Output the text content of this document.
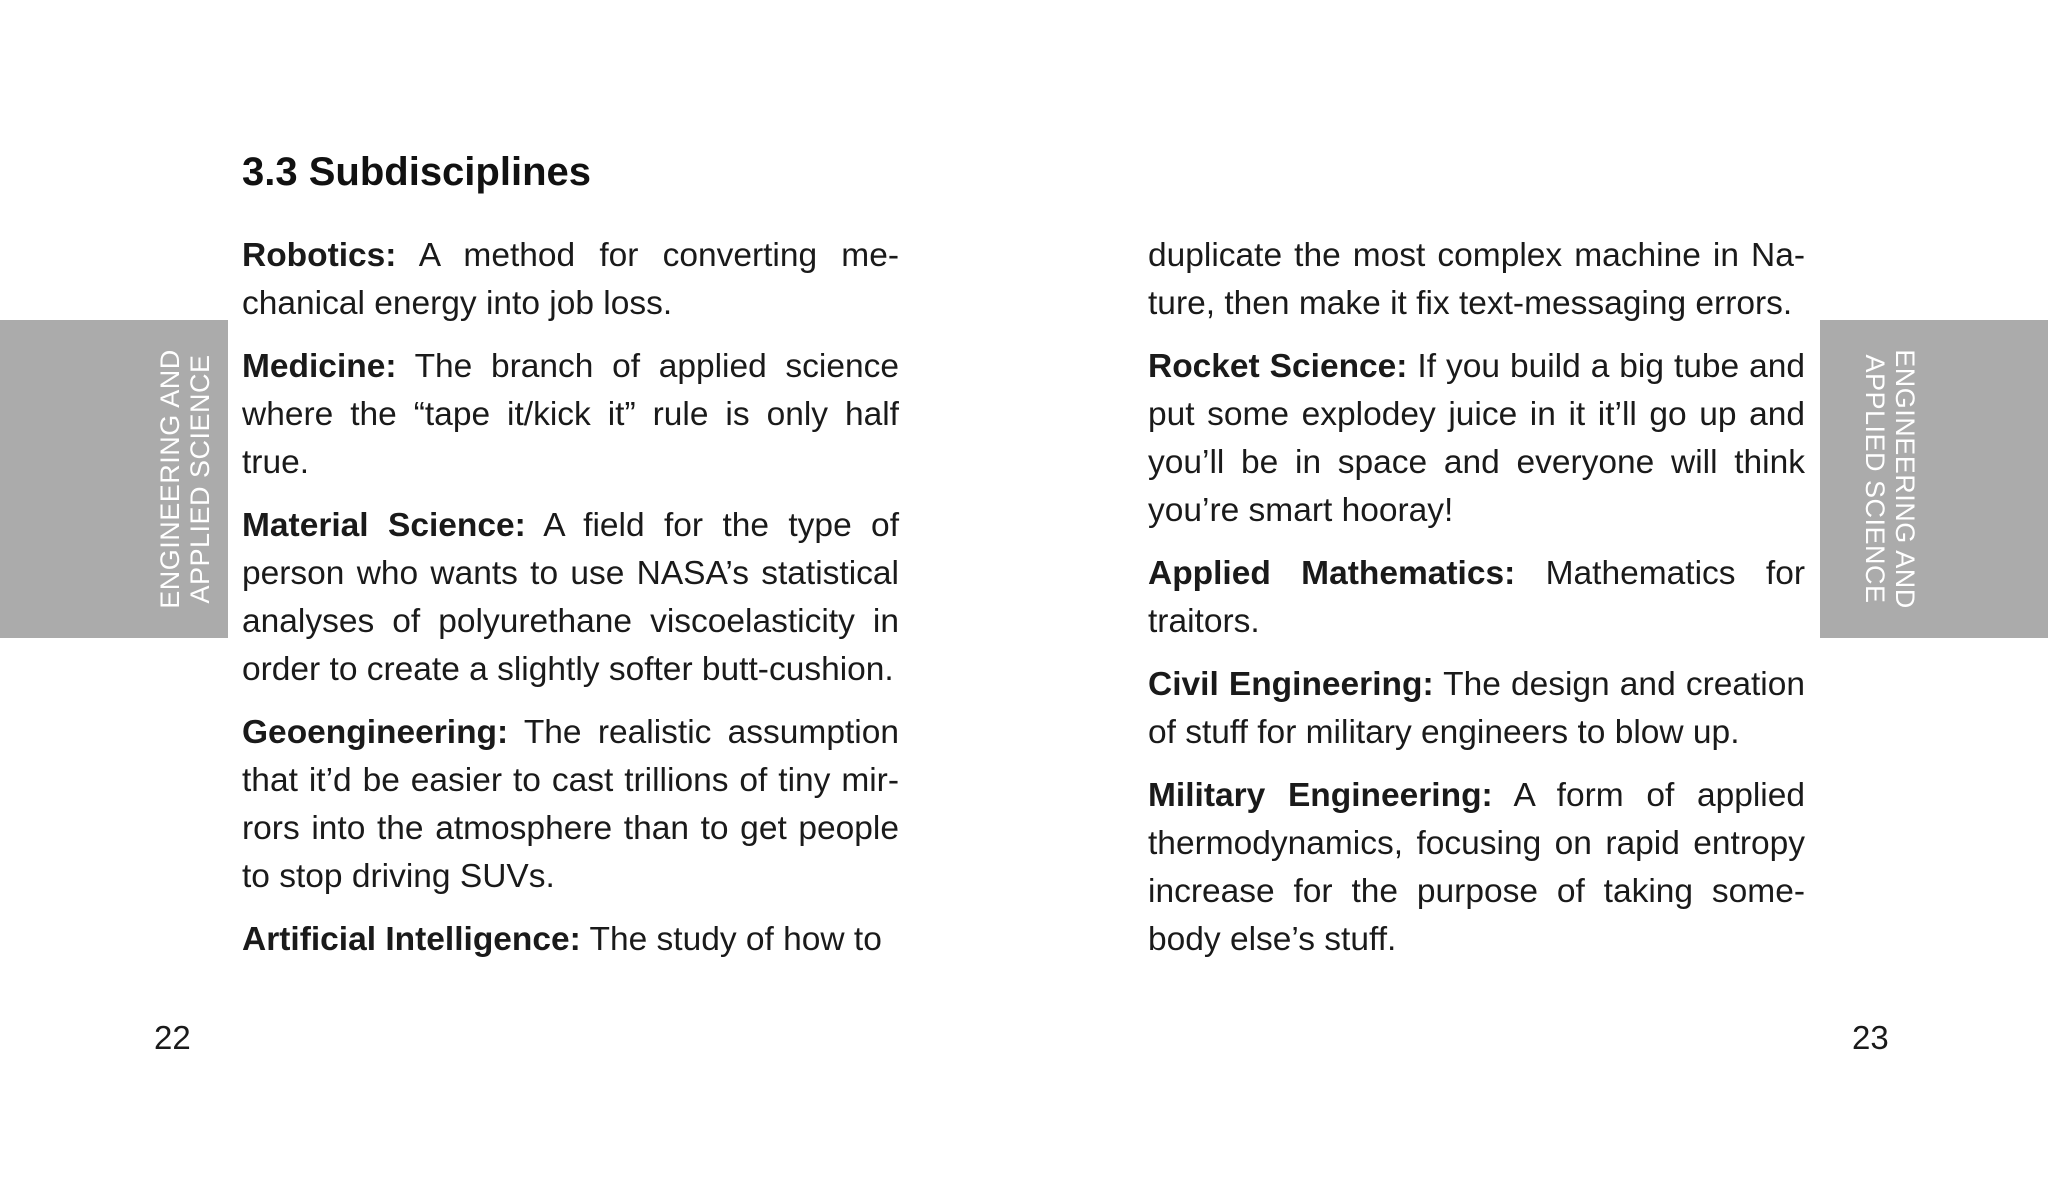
ENGINEERING AND APPLIED SCIENCE	ENGINEERING AND
APPLIED SCIENCE
3.3 Subdisciplines

Robotics: A method for converting mechanical energy into job loss.

Medicine: The branch of applied science where the “tape it/kick it” rule is only half true.

Material Science: A field for the type of person who wants to use NASA’s statistical analyses of polyurethane viscoelasticity in order to create a slightly softer butt-cushion.

Geoengineering: The realistic assumption that it’d be easier to cast trillions of tiny mirrors into the atmosphere than to get people to stop driving SUVs.

Artificial Intelligence: The study of how to

duplicate the most complex machine in Nature, then make it fix text-messaging errors.

Rocket Science: If you build a big tube and put some explodey juice in it it’ll go up and you’ll be in space and everyone will think you’re smart hooray!

Applied Mathematics: Mathematics for traitors.

Civil Engineering: The design and creation of stuff for military engineers to blow up.

Military Engineering: A form of applied thermodynamics, focusing on rapid entropy increase for the purpose of taking somebody else’s stuff.

22	23
